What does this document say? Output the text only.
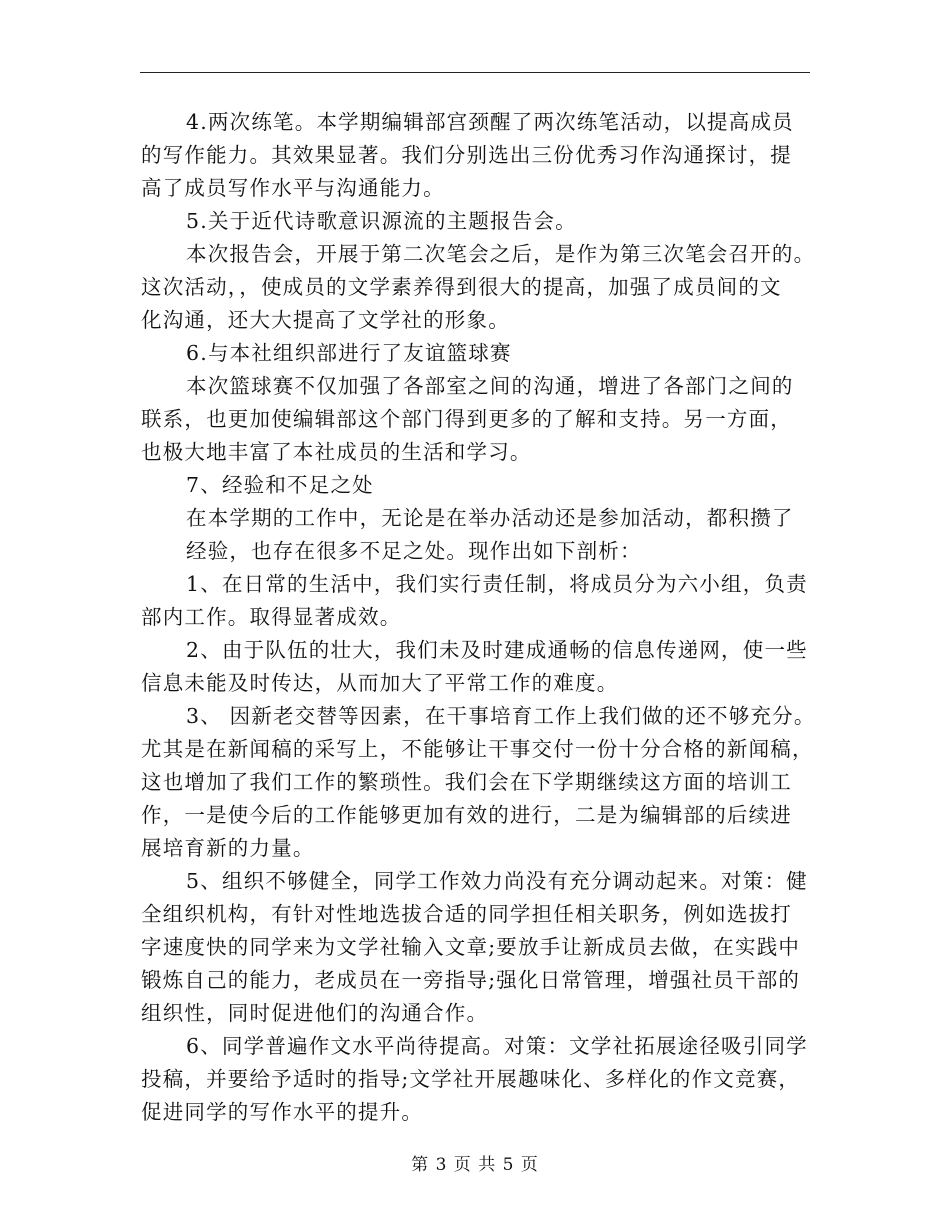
4.两次练笔。本学期编辑部宫颈醒了两次练笔活动，以提高成员
的写作能力。其效果显著。我们分别选出三份优秀习作沟通探讨，提
高了成员写作水平与沟通能力。
5.关于近代诗歌意识源流的主题报告会。
本次报告会，开展于第二次笔会之后，是作为第三次笔会召开的。
这次活动，，使成员的文学素养得到很大的提高，加强了成员间的文
化沟通，还大大提高了文学社的形象。
6.与本社组织部进行了友谊篮球赛
本次篮球赛不仅加强了各部室之间的沟通，增进了各部门之间的
联系，也更加使编辑部这个部门得到更多的了解和支持。另一方面，
也极大地丰富了本社成员的生活和学习。
7、经验和不足之处
在本学期的工作中，无论是在举办活动还是参加活动，都积攒了
经验，也存在很多不足之处。现作出如下剖析：
1、在日常的生活中，我们实行责任制，将成员分为六小组，负责
部内工作。取得显著成效。
2、由于队伍的壮大，我们未及时建成通畅的信息传递网，使一些
信息未能及时传达，从而加大了平常工作的难度。
3、 因新老交替等因素，在干事培育工作上我们做的还不够充分。
尤其是在新闻稿的采写上，不能够让干事交付一份十分合格的新闻稿，
这也增加了我们工作的繁琐性。我们会在下学期继续这方面的培训工
作，一是使今后的工作能够更加有效的进行，二是为编辑部的后续进
展培育新的力量。
5、组织不够健全，同学工作效力尚没有充分调动起来。对策：健
全组织机构，有针对性地选拔合适的同学担任相关职务，例如选拔打
字速度快的同学来为文学社输入文章;要放手让新成员去做，在实践中
锻炼自己的能力，老成员在一旁指导;强化日常管理，增强社员干部的
组织性，同时促进他们的沟通合作。
6、同学普遍作文水平尚待提高。对策：文学社拓展途径吸引同学
投稿，并要给予适时的指导;文学社开展趣味化、多样化的作文竞赛，
促进同学的写作水平的提升。
第 3 页 共 5 页
